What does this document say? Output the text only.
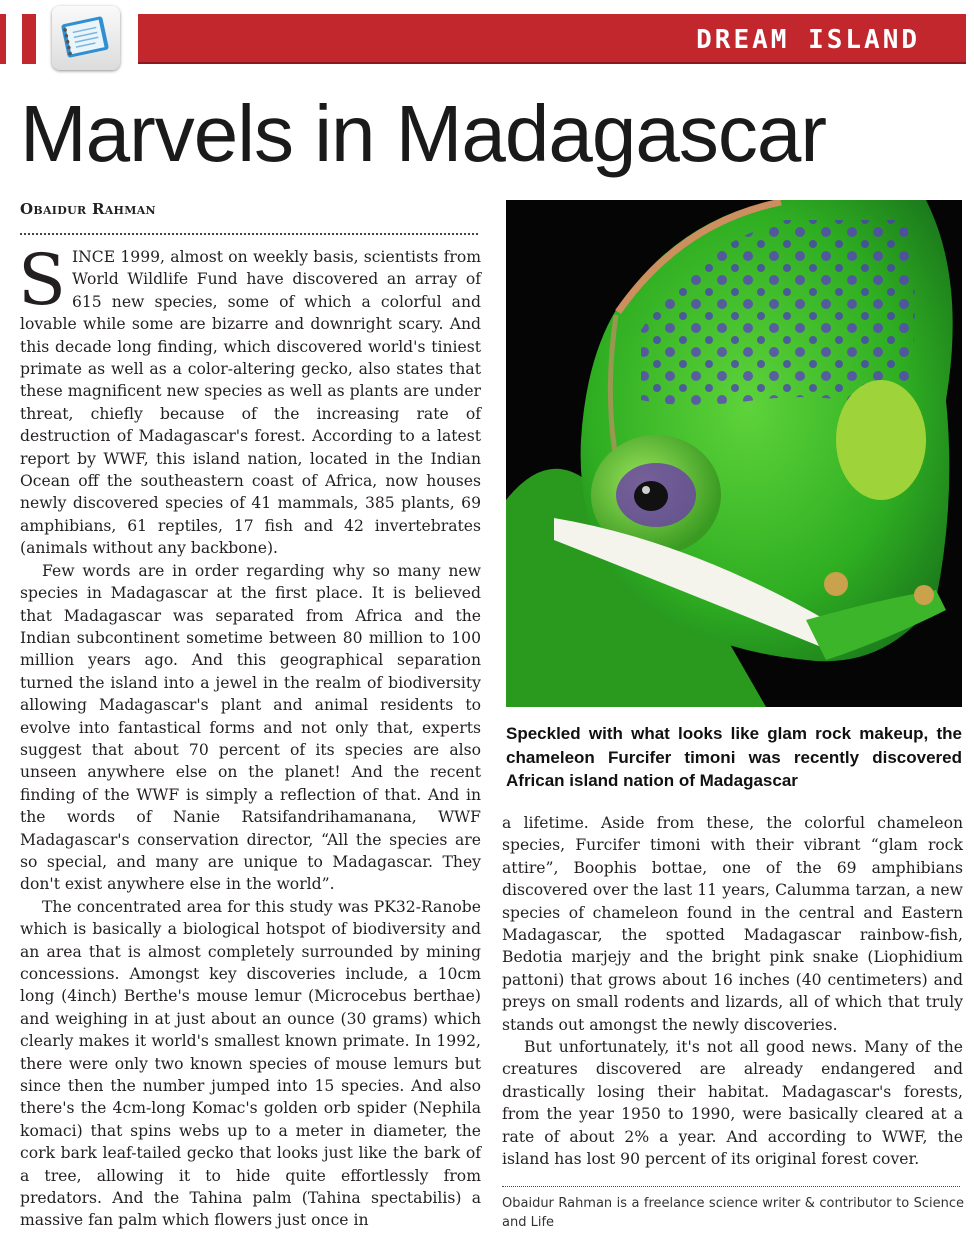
DREAM ISLAND
Marvels in Madagascar
Obaidur Rahman

SINCE 1999, almost on weekly basis, scientists from World Wildlife Fund have discovered an array of 615 new species, some of which a colorful and lovable while some are bizarre and downright scary. And this decade long finding, which discovered world's tiniest primate as well as a color-altering gecko, also states that these magnificent new species as well as plants are under threat, chiefly because of the increasing rate of destruction of Madagascar's forest. According to a latest report by WWF, this island nation, located in the Indian Ocean off the southeastern coast of Africa, now houses newly discovered species of 41 mammals, 385 plants, 69 amphibians, 61 reptiles, 17 fish and 42 invertebrates (animals without any backbone).

Few words are in order regarding why so many new species in Madagascar at the first place. It is believed that Madagascar was separated from Africa and the Indian subcontinent sometime between 80 million to 100 million years ago. And this geographical separation turned the island into a jewel in the realm of biodiversity allowing Madagascar's plant and animal residents to evolve into fantastical forms and not only that, experts suggest that about 70 percent of its species are also unseen anywhere else on the planet! And the recent finding of the WWF is simply a reflection of that. And in the words of Nanie Ratsifandrihamanana, WWF Madagascar's conservation director, “All the species are so special, and many are unique to Madagascar. They don't exist anywhere else in the world”.

The concentrated area for this study was PK32-Ranobe which is basically a biological hotspot of biodiversity and an area that is almost completely surrounded by mining concessions. Amongst key discoveries include, a 10cm long (4inch) Berthe's mouse lemur (Microcebus berthae) and weighing in at just about an ounce (30 grams) which clearly makes it world's smallest known primate. In 1992, there were only two known species of mouse lemurs but since then the number jumped into 15 species. And also there's the 4cm-long Komac's golden orb spider (Nephila komaci) that spins webs up to a meter in diameter, the cork bark leaf-tailed gecko that looks just like the bark of a tree, allowing it to hide quite effortlessly from predators. And the Tahina palm (Tahina spectabilis) a massive fan palm which flowers just once in

Speckled with what looks like glam rock makeup, the chameleon Furcifer timoni was recently discovered African island nation of Madagascar

a lifetime. Aside from these, the colorful chameleon species, Furcifer timoni with their vibrant “glam rock attire”, Boophis bottae, one of the 69 amphibians discovered over the last 11 years, Calumma tarzan, a new species of chameleon found in the central and Eastern Madagascar, the spotted Madagascar rainbow-fish, Bedotia marjejy and the bright pink snake (Liophidium pattoni) that grows about 16 inches (40 centimeters) and preys on small rodents and lizards, all of which that truly stands out amongst the newly discoveries.

But unfortunately, it's not all good news. Many of the creatures discovered are already endangered and drastically losing their habitat. Madagascar's forests, from the year 1950 to 1990, were basically cleared at a rate of about 2% a year. And according to WWF, the island has lost 90 percent of its original forest cover.

Obaidur Rahman is a freelance science writer & contributor to Science and Life
